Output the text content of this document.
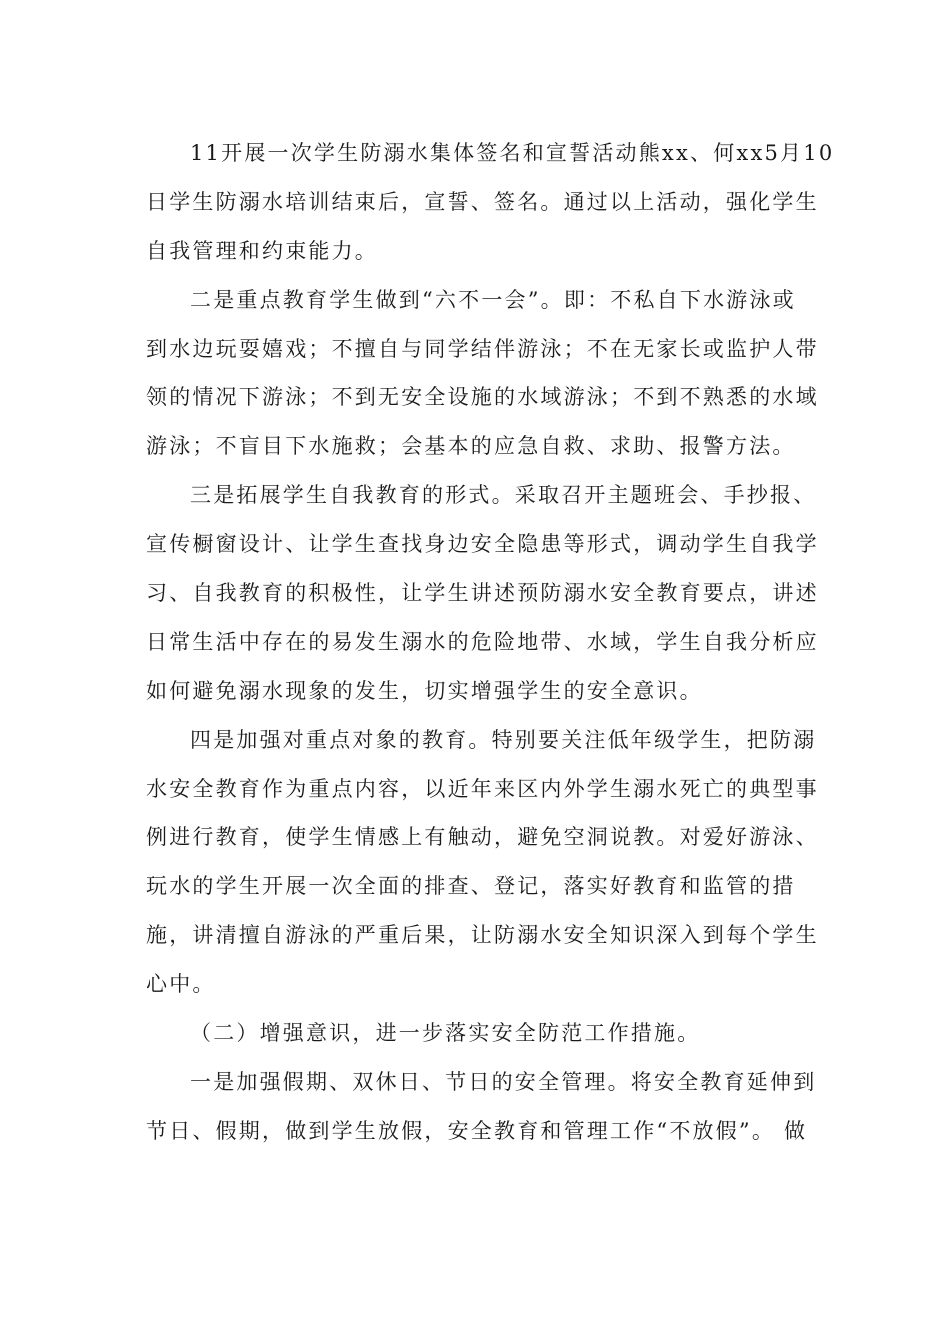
11开展一次学生防溺水集体签名和宣誓活动熊xx、何xx5月10
日学生防溺水培训结束后，宣誓、签名。通过以上活动，强化学生
自我管理和约束能力。
二是重点教育学生做到“六不一会”。即：不私自下水游泳或
到水边玩耍嬉戏；不擅自与同学结伴游泳；不在无家长或监护人带
领的情况下游泳；不到无安全设施的水域游泳；不到不熟悉的水域
游泳；不盲目下水施救；会基本的应急自救、求助、报警方法。
三是拓展学生自我教育的形式。采取召开主题班会、手抄报、
宣传橱窗设计、让学生查找身边安全隐患等形式，调动学生自我学
习、自我教育的积极性，让学生讲述预防溺水安全教育要点，讲述
日常生活中存在的易发生溺水的危险地带、水域，学生自我分析应
如何避免溺水现象的发生，切实增强学生的安全意识。
四是加强对重点对象的教育。特别要关注低年级学生，把防溺
水安全教育作为重点内容，以近年来区内外学生溺水死亡的典型事
例进行教育，使学生情感上有触动，避免空洞说教。对爱好游泳、
玩水的学生开展一次全面的排查、登记，落实好教育和监管的措
施，讲清擅自游泳的严重后果，让防溺水安全知识深入到每个学生
心中。
（二）增强意识，进一步落实安全防范工作措施。
一是加强假期、双休日、节日的安全管理。将安全教育延伸到
节日、假期，做到学生放假，安全教育和管理工作“不放假”。 做
